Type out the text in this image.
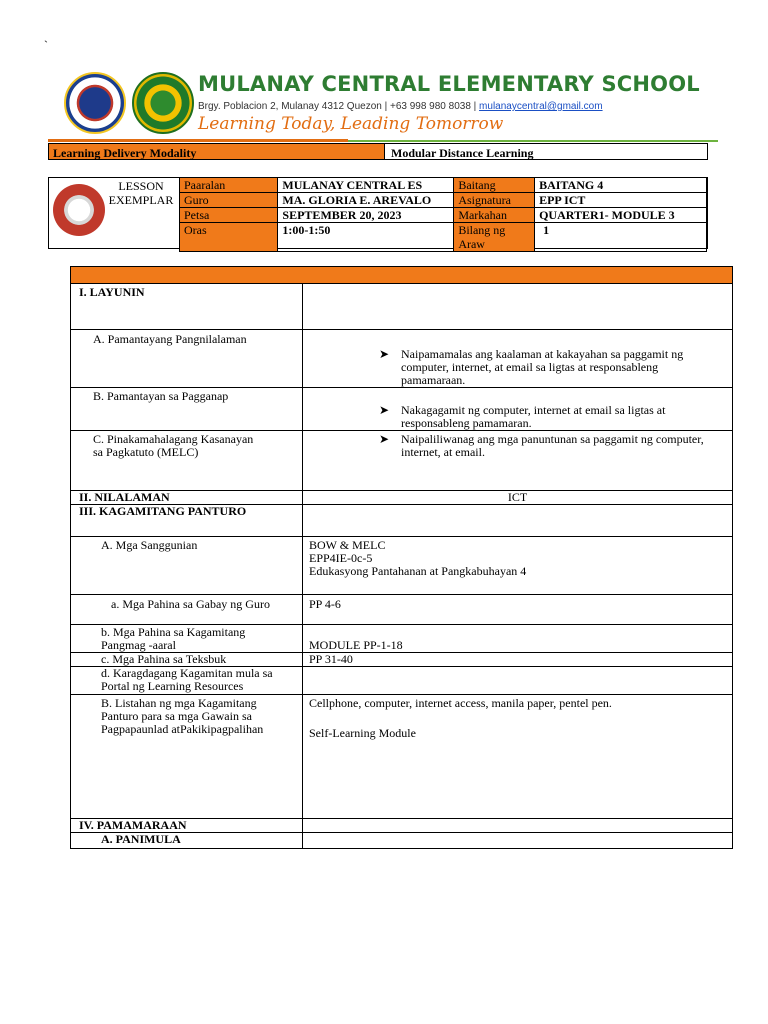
`
MULANAY CENTRAL ELEMENTARY SCHOOL
Brgy. Poblacion 2, Mulanay 4312 Quezon | +63 998 980 8038 | mulanaycentral@gmail.com
Learning Today, Leading Tomorrow
Learning Delivery Modality	Modular Distance Learning
LESSON EXEMPLAR
Paaralan	MULANAY CENTRAL ES	Baitang	BAITANG 4
Guro	MA. GLORIA E. AREVALO	Asignatura	EPP ICT
Petsa	SEPTEMBER 20, 2023	Markahan	QUARTER1- MODULE 3
Oras	1:00-1:50	Bilang ng Araw	1

I. LAYUNIN	
A. Pamantayang Pangnilalaman	➤ Naipamamalas ang kaalaman at kakayahan sa paggamit ng computer, internet, at email sa ligtas at responsableng pamamaraan.

B. Pamantayan sa Pagganap	➤ Nakagagamit ng computer, internet at email sa ligtas at responsableng pamamaran.

C. Pinakamahalagang Kasanayan sa Pagkatuto (MELC)	➤ Naipaliliwanag ang mga panuntunan sa paggamit ng computer, internet, at email.

II. NILALAMAN	ICT
III. KAGAMITANG PANTURO	
A. Mga Sanggunian	BOW & MELC
EPP4IE-0c-5
Edukasyong Pantahanan at Pangkabuhayan 4

a. Mga Pahina sa Gabay ng Guro	PP 4-6
b. Mga Pahina sa Kagamitang Pangmag -aaral	MODULE PP-1-18
c. Mga Pahina sa Teksbuk	PP 31-40
d. Karagdagang Kagamitan mula sa Portal ng Learning Resources	
B. Listahan ng mga Kagamitang Panturo para sa mga Gawain sa Pagpapaunlad atPakikipagpalihan	Cellphone, computer, internet access, manila paper, pentel pen.
Self-Learning Module

IV. PAMAMARAAN	
A. PANIMULA	
